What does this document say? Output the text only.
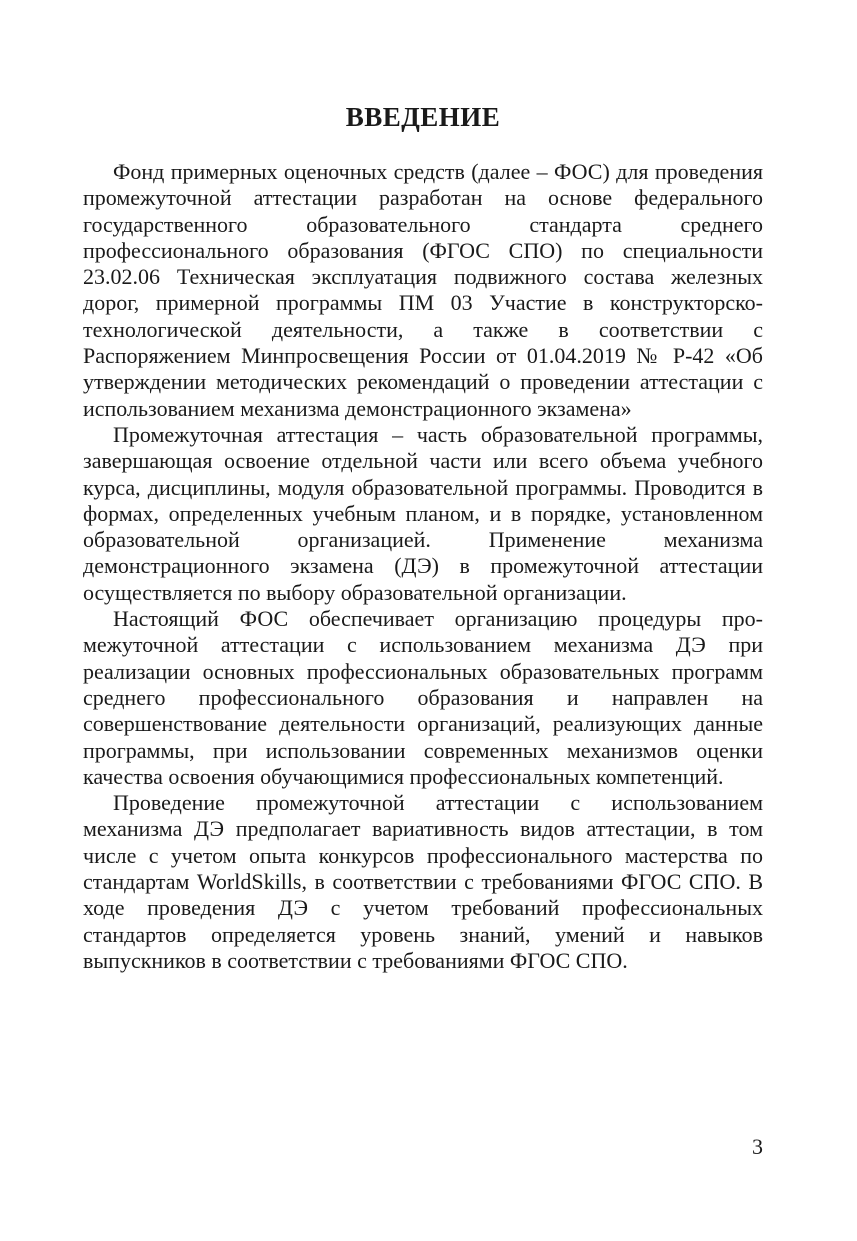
ВВЕДЕНИЕ

Фонд примерных оценочных средств (далее – ФОС) для проведения промежуточной аттестации разработан на основе федерального государственного образовательного стандарта среднего профессионального образования (ФГОС СПО) по специальности 23.02.06 Техническая эксплуатация подвижного состава железных дорог, примерной программы ПМ 03 Участие в конструкторско-технологической деятельности, а также в соответствии с Распоряжением Минпросвещения России от 01.04.2019 № Р-42 «Об утверждении методических рекомендаций о проведении аттестации с использованием механизма демонстрационного экзамена»

Промежуточная аттестация – часть образовательной программы, завершающая освоение отдельной части или всего объема учебного курса, дисциплины, модуля образовательной программы. Проводится в формах, определенных учебным планом, и в порядке, установленном образовательной организацией. Применение механизма демонстрационного экзамена (ДЭ) в промежуточной аттестации осуществляется по выбору образовательной организации.

Настоящий ФОС обеспечивает организацию процедуры промежуточной аттестации с использованием механизма ДЭ при реализации основных профессиональных образовательных программ среднего профессионального образования и направлен на совершенствование деятельности организаций, реализующих данные программы, при использовании современных механизмов оценки качества освоения обучающимися профессиональных компетенций.

Проведение промежуточной аттестации с использованием механизма ДЭ предполагает вариативность видов аттестации, в том числе с учетом опыта конкурсов профессионального мастерства по стандартам WorldSkills, в соответствии с требованиями ФГОС СПО. В ходе проведения ДЭ с учетом требований профессиональных стандартов определяется уровень знаний, умений и навыков выпускников в соответствии с требованиями ФГОС СПО.

3
